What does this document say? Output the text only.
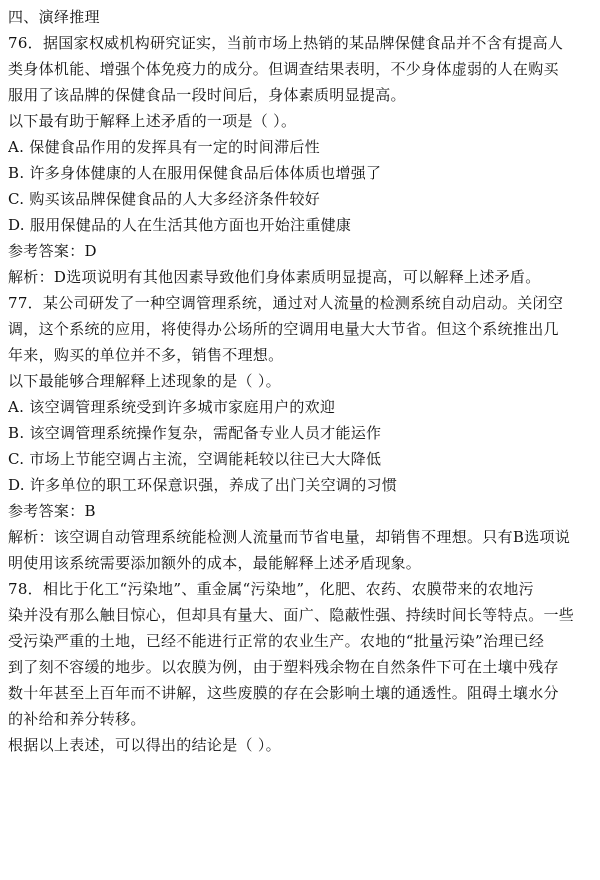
四、演绎推理
76．据国家权威机构研究证实，当前市场上热销的某品牌保健食品并不含有提高人
类身体机能、增强个体免疫力的成分。但调查结果表明，不少身体虚弱的人在购买
服用了该品牌的保健食品一段时间后，身体素质明显提高。
以下最有助于解释上述矛盾的一项是（ ）。
A. 保健食品作用的发挥具有一定的时间滞后性
B. 许多身体健康的人在服用保健食品后体体质也增强了
C. 购买该品牌保健食品的人大多经济条件较好
D. 服用保健品的人在生活其他方面也开始注重健康
参考答案：D
解析：D选项说明有其他因素导致他们身体素质明显提高，可以解释上述矛盾。
77．某公司研发了一种空调管理系统，通过对人流量的检测系统自动启动。关闭空
调，这个系统的应用，将使得办公场所的空调用电量大大节省。但这个系统推出几
年来，购买的单位并不多，销售不理想。
以下最能够合理解释上述现象的是（ ）。
A. 该空调管理系统受到许多城市家庭用户的欢迎
B. 该空调管理系统操作复杂，需配备专业人员才能运作
C. 市场上节能空调占主流，空调能耗较以往已大大降低
D. 许多单位的职工环保意识强，养成了出门关空调的习惯
参考答案：B
解析：该空调自动管理系统能检测人流量而节省电量，却销售不理想。只有B选项说
明使用该系统需要添加额外的成本，最能解释上述矛盾现象。
78．相比于化工“污染地”、重金属“污染地”，化肥、农药、农膜带来的农地污
染并没有那么触目惊心，但却具有量大、面广、隐蔽性强、持续时间长等特点。一些
受污染严重的土地，已经不能进行正常的农业生产。农地的“批量污染”治理已经
到了刻不容缓的地步。以农膜为例，由于塑料残余物在自然条件下可在土壤中残存
数十年甚至上百年而不讲解，这些废膜的存在会影响土壤的通透性。阻碍土壤水分
的补给和养分转移。
根据以上表述，可以得出的结论是（ ）。
